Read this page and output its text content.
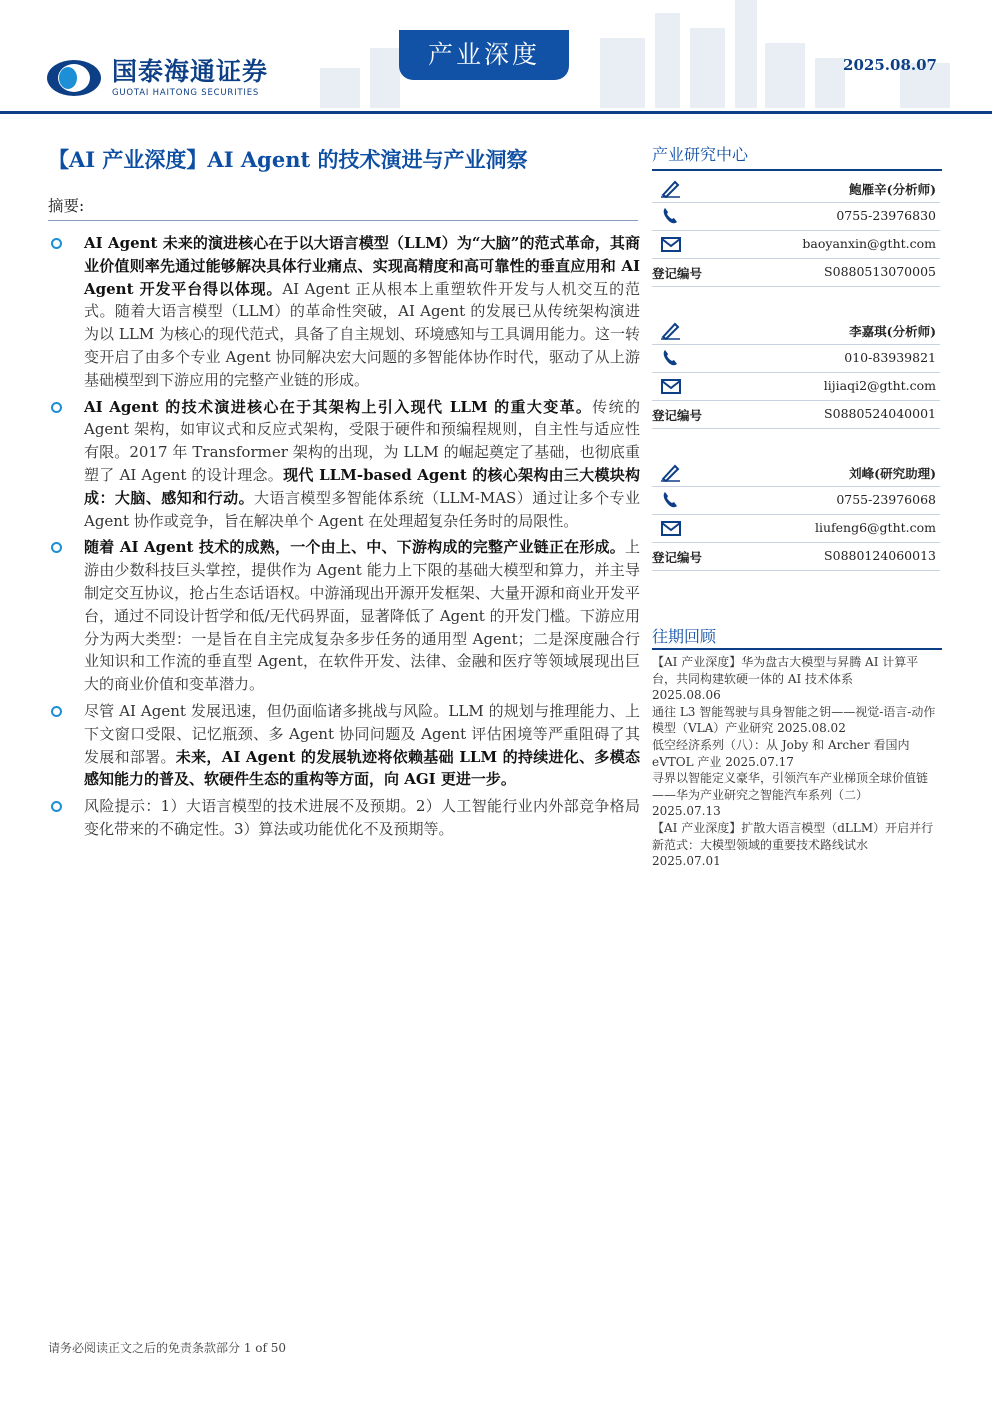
国泰海通证券
GUOTAI HAITONG SECURITIES
产业深度	2025.08.07
【AI 产业深度】AI Agent 的技术演进与产业洞察
摘要:
AI Agent 未来的演进核心在于以大语言模型（LLM）为“大脑”的范式革命，其商业价值则率先通过能够解决具体行业痛点、实现高精度和高可靠性的垂直应用和 AI Agent 开发平台得以体现。AI Agent 正从根本上重塑软件开发与人机交互的范式。随着大语言模型（LLM）的革命性突破，AI Agent 的发展已从传统架构演进为以 LLM 为核心的现代范式，具备了自主规划、环境感知与工具调用能力。这一转变开启了由多个专业 Agent 协同解决宏大问题的多智能体协作时代，驱动了从上游基础模型到下游应用的完整产业链的形成。
AI Agent 的技术演进核心在于其架构上引入现代 LLM 的重大变革。传统的 Agent 架构，如审议式和反应式架构，受限于硬件和预编程规则，自主性与适应性有限。2017 年 Transformer 架构的出现，为 LLM 的崛起奠定了基础，也彻底重塑了 AI Agent 的设计理念。现代 LLM-based Agent 的核心架构由三大模块构成：大脑、感知和行动。大语言模型多智能体系统（LLM-MAS）通过让多个专业 Agent 协作或竞争，旨在解决单个 Agent 在处理超复杂任务时的局限性。
随着 AI Agent 技术的成熟，一个由上、中、下游构成的完整产业链正在形成。上游由少数科技巨头掌控，提供作为 Agent 能力上下限的基础大模型和算力，并主导制定交互协议，抢占生态话语权。中游涌现出开源开发框架、大量开源和商业开发平台，通过不同设计哲学和低/无代码界面，显著降低了 Agent 的开发门槛。下游应用分为两大类型：一是旨在自主完成复杂多步任务的通用型 Agent；二是深度融合行业知识和工作流的垂直型 Agent，在软件开发、法律、金融和医疗等领域展现出巨大的商业价值和变革潜力。
尽管 AI Agent 发展迅速，但仍面临诸多挑战与风险。LLM 的规划与推理能力、上下文窗口受限、记忆瓶颈、多 Agent 协同问题及 Agent 评估困境等严重阻碍了其发展和部署。未来，AI Agent 的发展轨迹将依赖基础 LLM 的持续进化、多模态感知能力的普及、软硬件生态的重构等方面，向 AGI 更进一步。
风险提示：1）大语言模型的技术进展不及预期。2）人工智能行业内外部竞争格局变化带来的不确定性。3）算法或功能优化不及预期等。
产业研究中心
鲍雁辛(分析师)
0755-23976830
baoyanxin@gtht.com
登记编号	S0880513070005
李嘉琪(分析师)
010-83939821
lijiaqi2@gtht.com
登记编号	S0880524040001
刘峰(研究助理)
0755-23976068
liufeng6@gtht.com
登记编号	S0880124060013
往期回顾

【AI 产业深度】华为盘古大模型与昇腾 AI 计算平台，共同构建软硬一体的 AI 技术体系

2025.08.06

通往 L3 智能驾驶与具身智能之钥——视觉-语言-动作模型（VLA）产业研究 2025.08.02

低空经济系列（八）：从 Joby 和 Archer 看国内 eVTOL 产业 2025.07.17

寻界以智能定义豪华，引领汽车产业梯顶全球价值链——华为产业研究之智能汽车系列（二）

2025.07.13

【AI 产业深度】扩散大语言模型（dLLM）开启并行新范式：大模型领域的重要技术路线试水

2025.07.01

请务必阅读正文之后的免责条款部分 1 of 50
